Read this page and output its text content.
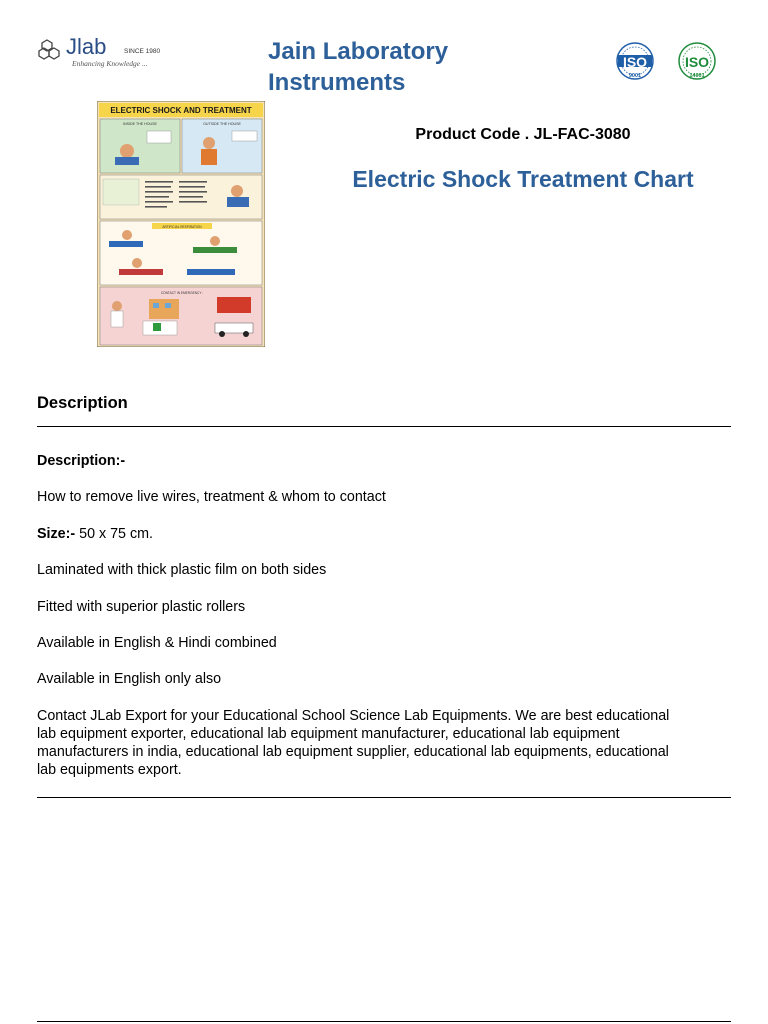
Jlab	SINCE 1980
Enhancing Knowledge ...	Jain Laboratory
Instruments
ISO
9001
ISO
14001
ELECTRIC SHOCK AND TREATMENT
INSIDE THE HOUSE	OUTSIDE THE HOUSE
ARTIFICIAL RESPIRATION
CONTACT IN EMERGENCY :
Product Code . JL-FAC-3080
Electric Shock Treatment Chart
Description
Description:-
How to remove live wires, treatment & whom to contact
Size:- 50 x 75 cm.
Laminated with thick plastic film on both sides
Fitted with superior plastic rollers
Available in English & Hindi combined
Available in English only also
Contact JLab Export for your Educational School Science Lab Equipments. We are best educational
lab equipment exporter, educational lab equipment manufacturer, educational lab equipment
manufacturers in india, educational lab equipment supplier, educational lab equipments, educational
lab equipments export.
